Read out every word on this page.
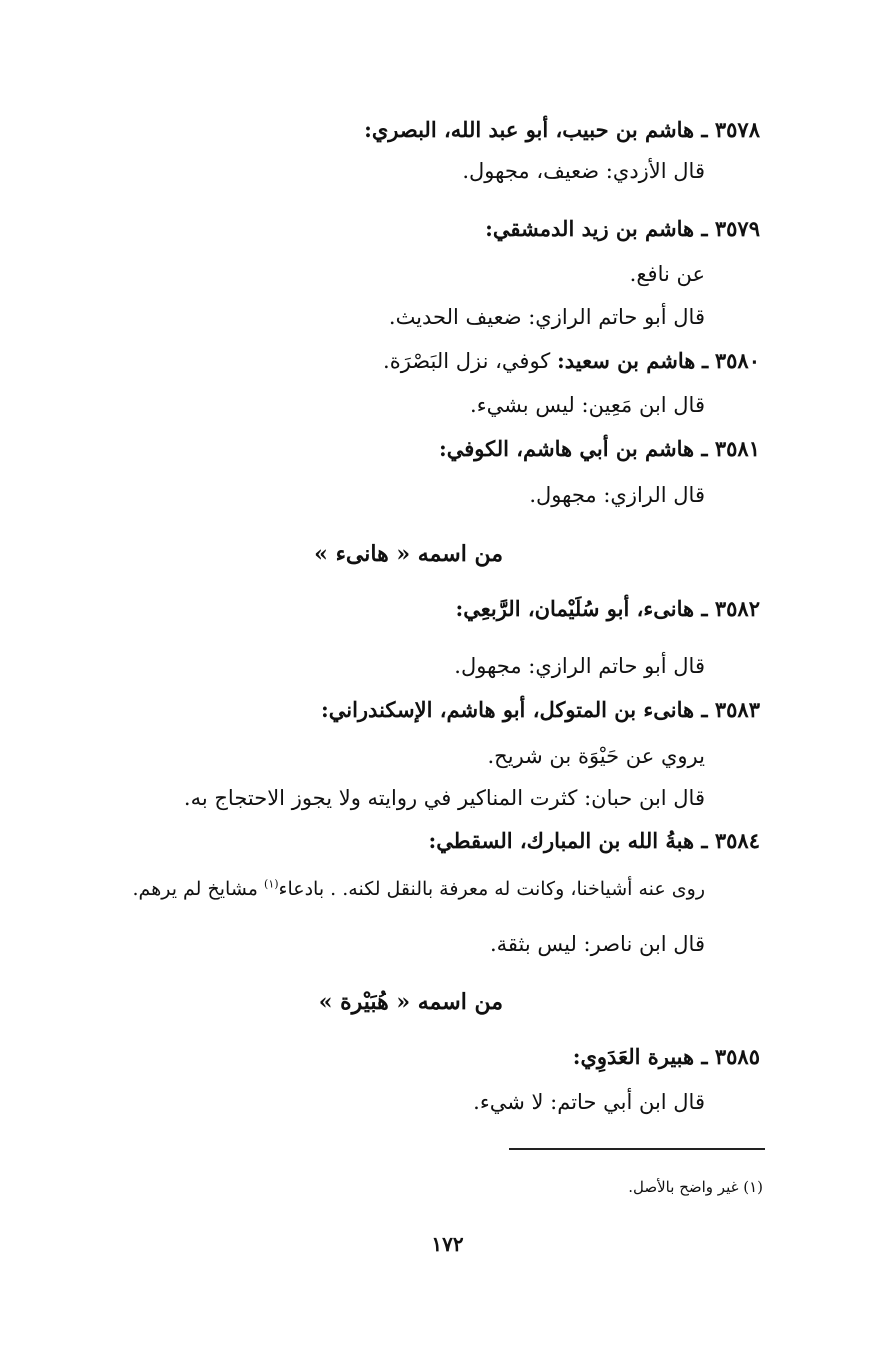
٣٥٧٨ ـ هاشم بن حبيب، أبو عبد الله، البصري:
قال الأزدي: ضعيف، مجهول.
٣٥٧٩ ـ هاشم بن زيد الدمشقي:
عن نافع.
قال أبو حاتم الرازي: ضعيف الحديث.
٣٥٨٠ ـ هاشم بن سعيد: كوفي، نزل البَصْرَة.
قال ابن مَعِين: ليس بشيء.
٣٥٨١ ـ هاشم بن أبي هاشم، الكوفي:
قال الرازي: مجهول.
من اسمه « هانىء »
٣٥٨٢ ـ هانىء، أبو سُلَيْمان، الرَّبعِي:
قال أبو حاتم الرازي: مجهول.
٣٥٨٣ ـ هانىء بن المتوكل، أبو هاشم، الإسكندراني:
يروي عن حَيْوَة بن شريح.
قال ابن حبان: كثرت المناكير في روايته ولا يجوز الاحتجاج به.
٣٥٨٤ ـ هبةُ الله بن المبارك، السقطي:
روى عنه أشياخنا، وكانت له معرفة بالنقل لكنه. . بادعاء$^{(١)}$ مشايخ لم يرهم.
قال ابن ناصر: ليس بثقة.
من اسمه « هُبَيْرة »
٣٥٨٥ ـ هبيرة العَدَوِي:
قال ابن أبي حاتم: لا شيء.
(١) غير واضح بالأصل.
١٧٢
